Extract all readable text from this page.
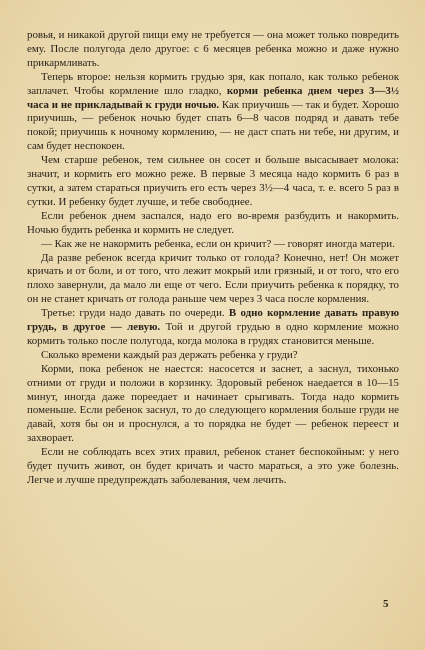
ровья, и никакой другой пищи ему не требуется — она может только повредить ему. После полугода дело другое: с 6 месяцев ребенка можно и даже нужно прикармливать.

Теперь второе: нельзя кормить грудью зря, как попало, как только ребенок заплачет. Чтобы кормление шло гладко, корми ребенка днем через 3—3½ часа и не прикладывай к груди ночью. Как приучишь — так и будет. Хорошо приучишь, — ребенок ночью будет спать 6—8 часов подряд и давать тебе покой; приучишь к ночному кормлению, — не даст спать ни тебе, ни другим, и сам будет неспокоен.

Чем старше ребенок, тем сильнее он сосет и больше высасывает молока: значит, и кормить его можно реже. В первые 3 месяца надо кормить 6 раз в сутки, а затем стараться приучить его есть через 3½—4 часа, т. е. всего 5 раз в сутки. И ребенку будет лучше, и тебе свободнее.

Если ребенок днем заспался, надо его во-время разбудить и накормить. Ночью будить ребенка и кормить не следует.

— Как же не накормить ребенка, если он кричит? — говорят иногда матери.

Да разве ребенок всегда кричит только от голода? Конечно, нет! Он может кричать и от боли, и от того, что лежит мокрый или грязный, и от того, что его плохо завернули, да мало ли еще от чего. Если приучить ребенка к порядку, то он не станет кричать от голода раньше чем через 3 часа после кормления.

Третье: груди надо давать по очереди. В одно кормление давать правую грудь, в другое — левую. Той и другой грудью в одно кормление можно кормить только после полугода, когда молока в грудях становится меньше.

Сколько времени каждый раз держать ребенка у груди?

Корми, пока ребенок не наестся: насосется и заснет, а заснул, тихонько отними от груди и положи в корзинку. Здоровый ребенок наедается в 10—15 минут, иногда даже пореедает и начинает срыгивать. Тогда надо кормить поменьше. Если ребенок заснул, то до следующего кормления больше груди не давай, хотя бы он и проснулся, а то порядка не будет — ребенок переест и захворает.

Если не соблюдать всех этих правил, ребенок станет беспокойным: у него будет пучить живот, он будет кричать и часто мараться, а это уже болезнь. Легче и лучше предупреждать заболевания, чем лечить.

5
